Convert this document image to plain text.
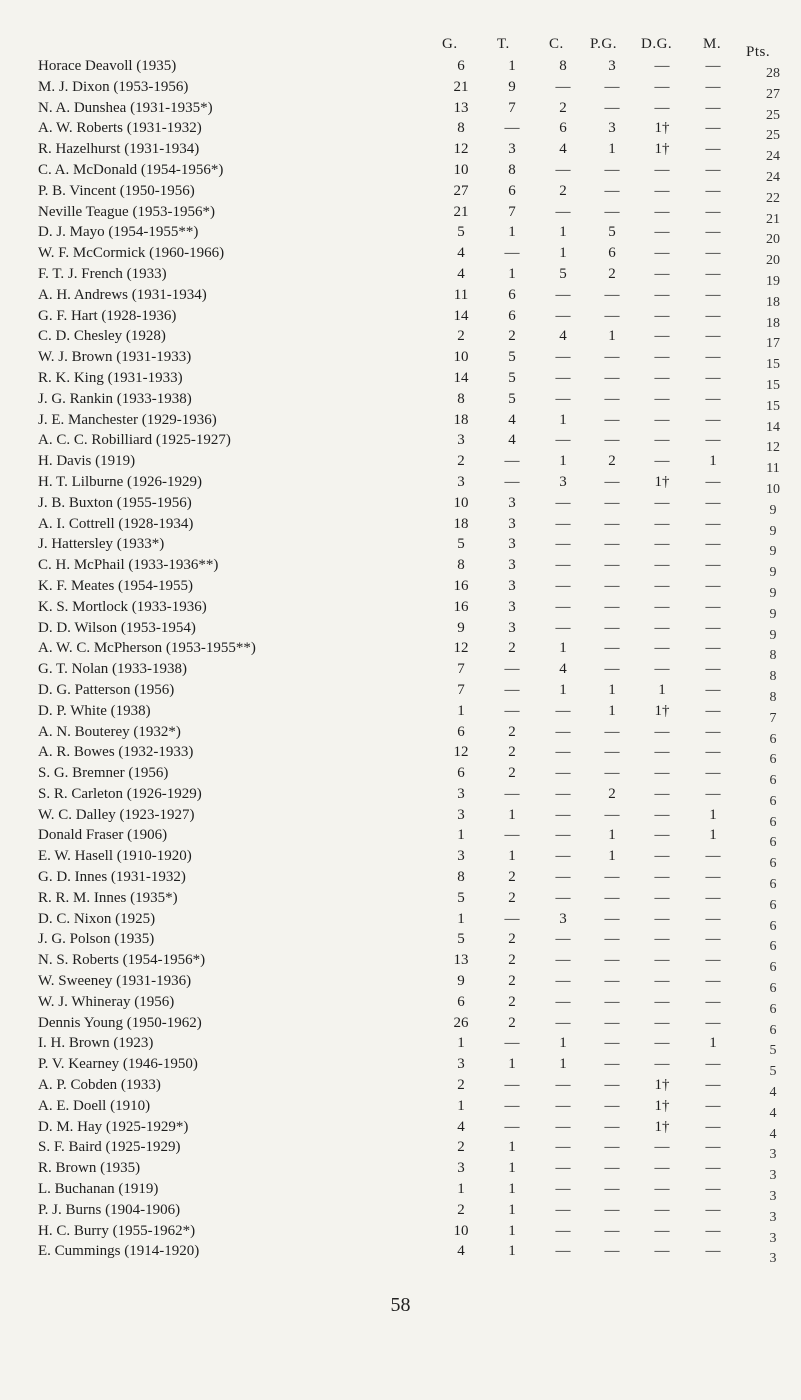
G.	T.	C. P.G. D.G. M. Pts.
Horace Deavoll (1935)	6	1	8	3	—	—	28
M. J. Dixon (1953-1956)	21	9	—	—	—	—	27
N. A. Dunshea (1931-1935*)	13	7	2	—	—	—	25
A. W. Roberts (1931-1932)	8	—	6	3	1†	—	25
R. Hazelhurst (1931-1934)	12	3	4	1	1†	—	24
C. A. McDonald (1954-1956*)	10	8	—	—	—	—	24
P. B. Vincent (1950-1956)	27	6	2	—	—	—	22
Neville Teague (1953-1956*)	21	7	—	—	—	—	21
D. J. Mayo (1954-1955**)	5	1	1	5	—	—	20
W. F. McCormick (1960-1966)	4	—	1	6	—	—	20
F. T. J. French (1933)	4	1	5	2	—	—	19
A. H. Andrews (1931-1934)	11	6	—	—	—	—	18
G. F. Hart (1928-1936)	14	6	—	—	—	—	18
C. D. Chesley (1928)	2	2	4	1	—	—	17
W. J. Brown (1931-1933)	10	5	—	—	—	—	15
R. K. King (1931-1933)	14	5	—	—	—	—	15
J. G. Rankin (1933-1938)	8	5	—	—	—	—	15
J. E. Manchester (1929-1936)	18	4	1	—	—	—	14
A. C. C. Robilliard (1925-1927)	3	4	—	—	—	—	12
H. Davis (1919)	2	—	1	2	—	1	11
H. T. Lilburne (1926-1929)	3	—	3	—	1†	—	10
J. B. Buxton (1955-1956)	10	3	—	—	—	—	9
A. I. Cottrell (1928-1934)	18	3	—	—	—	—	9
J. Hattersley (1933*)	5	3	—	—	—	—	9
C. H. McPhail (1933-1936**)	8	3	—	—	—	—	9
K. F. Meates (1954-1955)	16	3	—	—	—	—	9
K. S. Mortlock (1933-1936)	16	3	—	—	—	—	9
D. D. Wilson (1953-1954)	9	3	—	—	—	—	9
A. W. C. McPherson (1953-1955**)	12	2	1	—	—	—	8
G. T. Nolan (1933-1938)	7	—	4	—	—	—	8
D. G. Patterson (1956)	7	—	1	1	1	—	8
D. P. White (1938)	1	—	—	1	1†	—	7
A. N. Bouterey (1932*)	6	2	—	—	—	—	6
A. R. Bowes (1932-1933)	12	2	—	—	—	—	6
S. G. Bremner (1956)	6	2	—	—	—	—	6
S. R. Carleton (1926-1929)	3	—	—	2	—	—	6
W. C. Dalley (1923-1927)	3	1	—	—	—	1	6
Donald Fraser (1906)	1	—	—	1	—	1	6
E. W. Hasell (1910-1920)	3	1	—	1	—	—	6
G. D. Innes (1931-1932)	8	2	—	—	—	—	6
R. R. M. Innes (1935*)	5	2	—	—	—	—	6
D. C. Nixon (1925)	1	—	3	—	—	—	6
J. G. Polson (1935)	5	2	—	—	—	—	6
N. S. Roberts (1954-1956*)	13	2	—	—	—	—	6
W. Sweeney (1931-1936)	9	2	—	—	—	—	6
W. J. Whineray (1956)	6	2	—	—	—	—	6
Dennis Young (1950-1962)	26	2	—	—	—	—	6
I. H. Brown (1923)	1	—	1	—	—	1	5
P. V. Kearney (1946-1950)	3	1	1	—	—	—	5
A. P. Cobden (1933)	2	—	—	—	1†	—	4
A. E. Doell (1910)	1	—	—	—	1†	—	4
D. M. Hay (1925-1929*)	4	—	—	—	1†	—	4
S. F. Baird (1925-1929)	2	1	—	—	—	—	3
R. Brown (1935)	3	1	—	—	—	—	3
L. Buchanan (1919)	1	1	—	—	—	—	3
P. J. Burns (1904-1906)	2	1	—	—	—	—	3
H. C. Burry (1955-1962*)	10	1	—	—	—	—	3
E. Cummings (1914-1920)	4	1	—	—	—	—	3
58
